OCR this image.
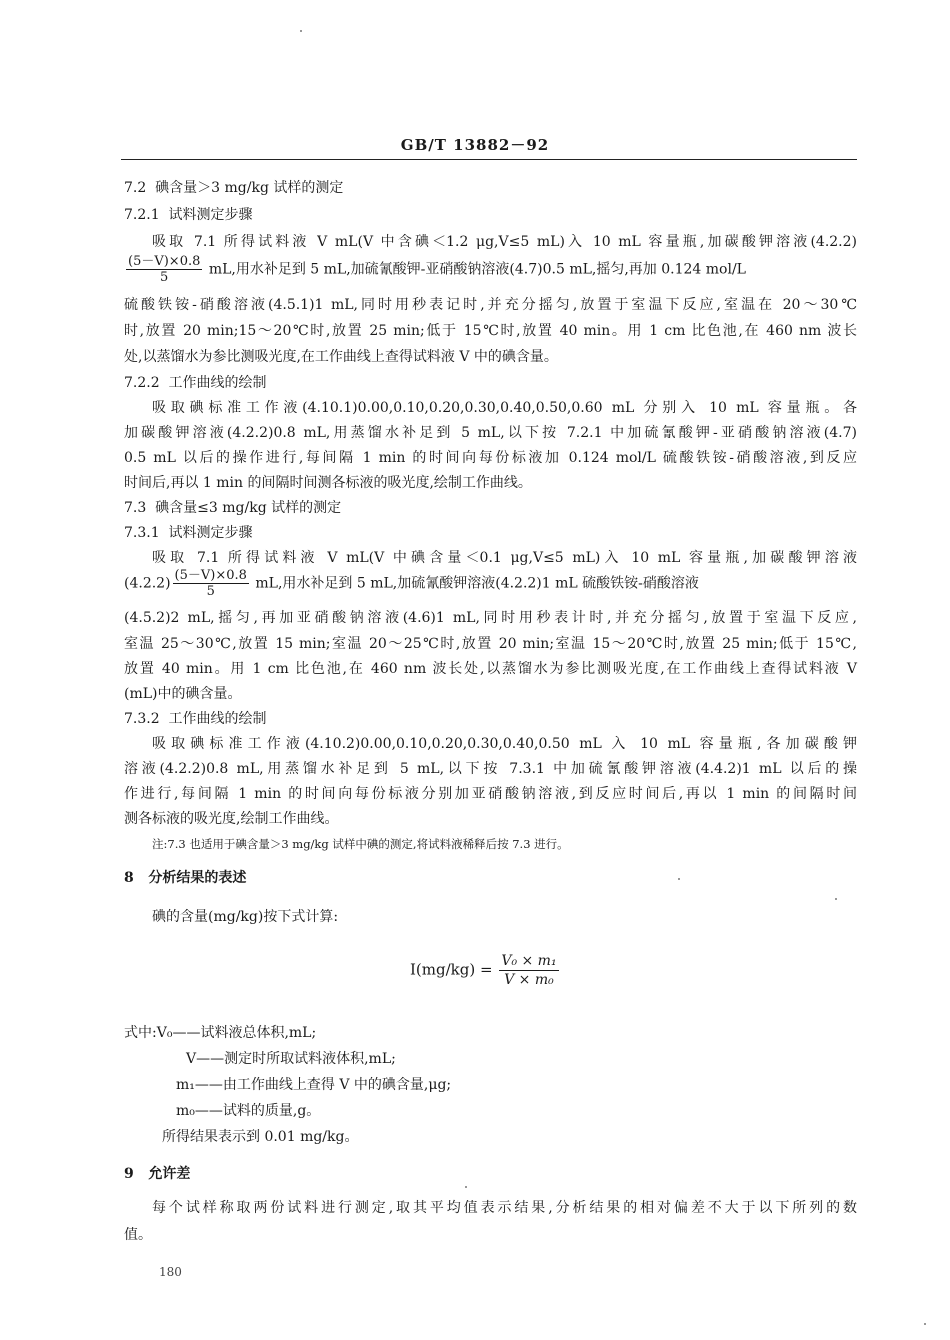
GB/T 13882－92
7.2 碘含量＞3 mg/kg 试样的测定
7.2.1 试料测定步骤
吸取 7.1 所得试料液 V mL(V 中含碘＜1.2 μg,V≤5 mL)入 10 mL 容量瓶,加碳酸钾溶液(4.2.2)
$\frac{(5-V)\times 0.8}{5}$ mL,用水补足到 5 mL,加硫氰酸钾-亚硝酸钠溶液(4.7)0.5 mL,摇匀,再加 0.124 mol/L
硫酸铁铵-硝酸溶液(4.5.1)1 mL,同时用秒表记时,并充分摇匀,放置于室温下反应,室温在 20～30℃
时,放置 20 min;15～20℃时,放置 25 min;低于 15℃时,放置 40 min。用 1 cm 比色池,在 460 nm 波长
处,以蒸馏水为参比测吸光度,在工作曲线上查得试料液 V 中的碘含量。
7.2.2 工作曲线的绘制
吸取碘标准工作液(4.10.1)0.00,0.10,0.20,0.30,0.40,0.50,0.60 mL 分别入 10 mL 容量瓶。各
加碳酸钾溶液(4.2.2)0.8 mL,用蒸馏水补足到 5 mL,以下按 7.2.1 中加硫氰酸钾-亚硝酸钠溶液(4.7)
0.5 mL 以后的操作进行,每间隔 1 min 的时间向每份标液加 0.124 mol/L 硫酸铁铵-硝酸溶液,到反应
时间后,再以 1 min 的间隔时间测各标液的吸光度,绘制工作曲线。
7.3 碘含量≤3 mg/kg 试样的测定
7.3.1 试料测定步骤
吸取 7.1 所得试料液 V mL(V 中碘含量＜0.1 μg,V≤5 mL)入 10 mL 容量瓶,加碳酸钾溶液
$(4.2.2) \frac{(5-V)\times 0.8}{5}$ mL,用水补足到 5 mL,加硫氰酸钾溶液(4.2.2)1 mL 硫酸铁铵-硝酸溶液
(4.5.2)2 mL,摇匀,再加亚硝酸钠溶液(4.6)1 mL,同时用秒表计时,并充分摇匀,放置于室温下反应,
室温 25～30℃,放置 15 min;室温 20～25℃时,放置 20 min;室温 15～20℃时,放置 25 min;低于 15℃,
放置 40 min。用 1 cm 比色池,在 460 nm 波长处,以蒸馏水为参比测吸光度,在工作曲线上查得试料液 V
(mL)中的碘含量。
7.3.2 工作曲线的绘制
吸取碘标准工作液(4.10.2)0.00,0.10,0.20,0.30,0.40,0.50 mL 入 10 mL 容量瓶,各加碳酸钾
溶液(4.2.2)0.8 mL,用蒸馏水补足到 5 mL,以下按 7.3.1 中加硫氰酸钾溶液(4.4.2)1 mL 以后的操
作进行,每间隔 1 min 的时间向每份标液分别加亚硝酸钠溶液,到反应时间后,再以 1 min 的间隔时间
测各标液的吸光度,绘制工作曲线。
注:7.3 也适用于碘含量＞3 mg/kg 试样中碘的测定,将试料液稀释后按 7.3 进行。
8 分析结果的表述
碘的含量(mg/kg)按下式计算:
$I(mg/kg) = \frac{\text{V₀ × m₁}}{\text{V × m₀}}$
式中:V₀——试料液总体积,mL;
V——测定时所取试料液体积,mL;
m₁——由工作曲线上查得 V 中的碘含量,μg;
m₀——试料的质量,g。
所得结果表示到 0.01 mg/kg。
9 允许差
每个试样称取两份试料进行测定,取其平均值表示结果,分析结果的相对偏差不大于以下所列的数
值。
180
